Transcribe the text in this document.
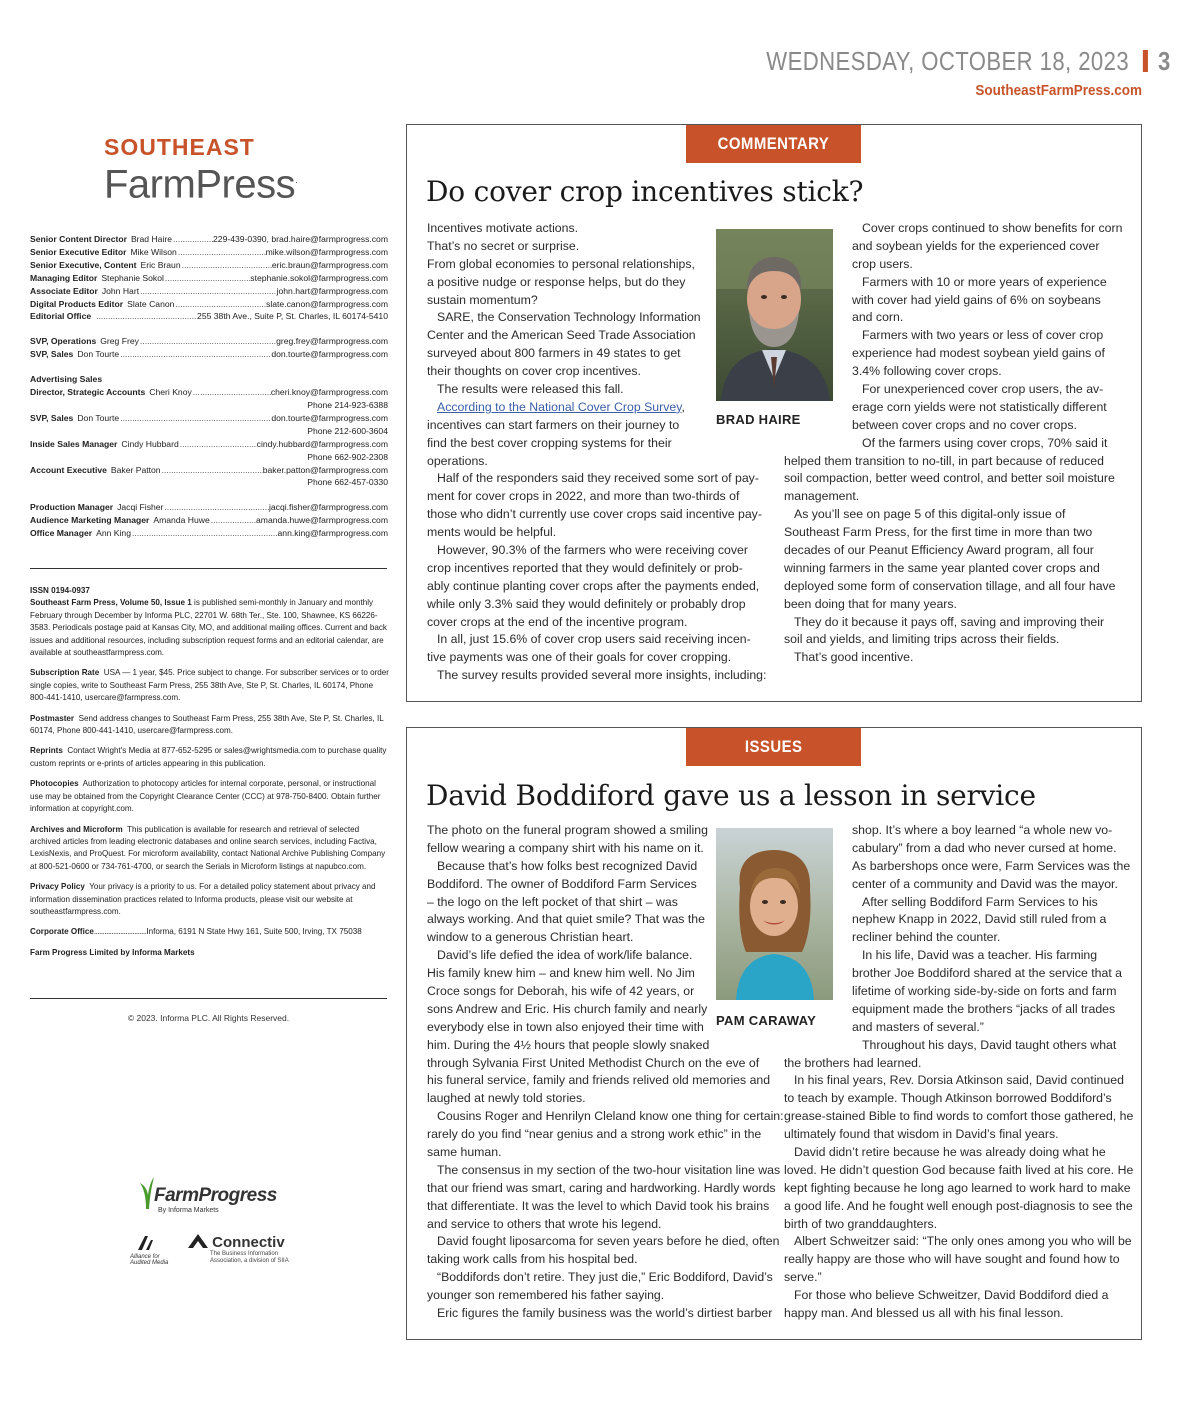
WEDNESDAY, OCTOBER 18, 2023 3
SoutheastFarmPress.com
SOUTHEAST
FarmPress.
Senior Content Director Brad Haire .....	229-439-0390, brad.haire@farmprogress.com
Senior Executive Editor Mike Wilson .....	mike.wilson@farmprogress.com
Senior Executive, Content Eric Braun .....	eric.braun@farmprogress.com
Managing Editor Stephanie Sokol .....	stephanie.sokol@farmprogress.com
Associate Editor John Hart .....	john.hart@farmprogress.com
Digital Products Editor Slate Canon .....	slate.canon@farmprogress.com
Editorial Office .....	255 38th Ave., Suite P, St. Charles, IL 60174-5410
SVP, Operations Greg Frey .....	greg.frey@farmprogress.com
SVP, Sales Don Tourte .....	don.tourte@farmprogress.com
Advertising Sales
Director, Strategic Accounts Cheri Knoy .....	cheri.knoy@farmprogress.com
Phone 214-923-6388
SVP, Sales Don Tourte .....	don.tourte@farmprogress.com
Phone 212-600-3604
Inside Sales Manager Cindy Hubbard .....	cindy.hubbard@farmprogress.com
Phone 662-902-2308
Account Executive Baker Patton .....	baker.patton@farmprogress.com
Phone 662-457-0330
Production Manager Jacqi Fisher .....	jacqi.fisher@farmprogress.com
Audience Marketing Manager Amanda Huwe .....	amanda.huwe@farmprogress.com
Office Manager Ann King .....	ann.king@farmprogress.com

ISSN 0194-0937

Southeast Farm Press, Volume 50, Issue 1 is published semi-monthly in January and monthly February through December by Informa PLC, 22701 W. 68th Ter., Ste. 100, Shawnee, KS 66226-3583. Periodicals postage paid at Kansas City, MO, and additional mailing offices. Current and back issues and additional resources, including subscription request forms and an editorial calendar, are available at southeastfarmpress.com.

Subscription Rate USA — 1 year, $45. Price subject to change. For subscriber services or to order single copies, write to Southeast Farm Press, 255 38th Ave, Ste P, St. Charles, IL 60174, Phone 800-441-1410, usercare@farmpress.com.

Postmaster Send address changes to Southeast Farm Press, 255 38th Ave, Ste P, St. Charles, IL 60174, Phone 800-441-1410, usercare@farmpress.com.

Reprints Contact Wright's Media at 877-652-5295 or sales@wrightsmedia.com to purchase quality custom reprints or e-prints of articles appearing in this publication.

Photocopies Authorization to photocopy articles for internal corporate, personal, or instructional use may be obtained from the Copyright Clearance Center (CCC) at 978-750-8400. Obtain further information at copyright.com.

Archives and Microform This publication is available for research and retrieval of selected archived articles from leading electronic databases and online search services, including Factiva, LexisNexis, and ProQuest. For microform availability, contact National Archive Publishing Company at 800-521-0600 or 734-761-4700, or search the Serials in Microform listings at napubco.com.

Privacy Policy Your privacy is a priority to us. For a detailed policy statement about privacy and information dissemination practices related to Informa products, please visit our website at southeastfarmpress.com.

Corporate Office..............................Informa, 6191 N State Hwy 161, Suite 500, Irving, TX 75038

Farm Progress Limited by Informa Markets

© 2023. Informa PLC. All Rights Reserved.
FarmProgress
By Informa Markets
Alliance for Audited Media
Connectiv
The Business Information
Association, a division of SIIA
COMMENTARY
Do cover crop incentives stick?
Incentives motivate actions.
That’s no secret or surprise.
From global economies to personal relationships,
a positive nudge or response helps, but do they
sustain momentum?
SARE, the Conservation Technology Information
Center and the American Seed Trade Association
surveyed about 800 farmers in 49 states to get
their thoughts on cover crop incentives.
The results were released this fall.
According to the National Cover Crop Survey,
incentives can start farmers on their journey to
find the best cover cropping systems for their
operations.
Half of the responders said they received some sort of pay-
ment for cover crops in 2022, and more than two-thirds of
those who didn’t currently use cover crops said incentive pay-
ments would be helpful.
However, 90.3% of the farmers who were receiving cover
crop incentives reported that they would definitely or prob-
ably continue planting cover crops after the payments ended,
while only 3.3% said they would definitely or probably drop
cover crops at the end of the incentive program.
In all, just 15.6% of cover crop users said receiving incen-
tive payments was one of their goals for cover cropping.
The survey results provided several more insights, including:
Cover crops continued to show benefits for corn
and soybean yields for the experienced cover
crop users.
Farmers with 10 or more years of experience
with cover had yield gains of 6% on soybeans
and corn.
Farmers with two years or less of cover crop
experience had modest soybean yield gains of
3.4% following cover crops.
For unexperienced cover crop users, the av-
erage corn yields were not statistically different
between cover crops and no cover crops.
Of the farmers using cover crops, 70% said it
helped them transition to no-till, in part because of reduced
soil compaction, better weed control, and better soil moisture
management.
As you’ll see on page 5 of this digital-only issue of
Southeast Farm Press, for the first time in more than two
decades of our Peanut Efficiency Award program, all four
winning farmers in the same year planted cover crops and
deployed some form of conservation tillage, and all four have
been doing that for many years.
They do it because it pays off, saving and improving their
soil and yields, and limiting trips across their fields.
That’s good incentive.
BRAD HAIRE
ISSUES
David Boddiford gave us a lesson in service
The photo on the funeral program showed a smiling
fellow wearing a company shirt with his name on it.
Because that’s how folks best recognized David
Boddiford. The owner of Boddiford Farm Services
– the logo on the left pocket of that shirt – was
always working. And that quiet smile? That was the
window to a generous Christian heart.
David’s life defied the idea of work/life balance.
His family knew him – and knew him well. No Jim
Croce songs for Deborah, his wife of 42 years, or
sons Andrew and Eric. His church family and nearly
everybody else in town also enjoyed their time with
him. During the 4½ hours that people slowly snaked
through Sylvania First United Methodist Church on the eve of
his funeral service, family and friends relived old memories and
laughed at newly told stories.
Cousins Roger and Henrilyn Cleland know one thing for certain:
rarely do you find “near genius and a strong work ethic” in the
same human.
The consensus in my section of the two-hour visitation line was
that our friend was smart, caring and hardworking. Hardly words
that differentiate. It was the level to which David took his brains
and service to others that wrote his legend.
David fought liposarcoma for seven years before he died, often
taking work calls from his hospital bed.
“Boddifords don’t retire. They just die,” Eric Boddiford, David’s
younger son remembered his father saying.
Eric figures the family business was the world’s dirtiest barber
shop. It’s where a boy learned “a whole new vo-
cabulary” from a dad who never cursed at home.
As barbershops once were, Farm Services was the
center of a community and David was the mayor.
After selling Boddiford Farm Services to his
nephew Knapp in 2022, David still ruled from a
recliner behind the counter.
In his life, David was a teacher. His farming
brother Joe Boddiford shared at the service that a
lifetime of working side-by-side on forts and farm
equipment made the brothers “jacks of all trades
and masters of several.”
Throughout his days, David taught others what
the brothers had learned.
In his final years, Rev. Dorsia Atkinson said, David continued
to teach by example. Though Atkinson borrowed Boddiford’s
grease-stained Bible to find words to comfort those gathered, he
ultimately found that wisdom in David’s final years.
David didn’t retire because he was already doing what he
loved. He didn’t question God because faith lived at his core. He
kept fighting because he long ago learned to work hard to make
a good life. And he fought well enough post-diagnosis to see the
birth of two granddaughters.
Albert Schweitzer said: “The only ones among you who will be
really happy are those who will have sought and found how to
serve.”
For those who believe Schweitzer, David Boddiford died a
happy man. And blessed us all with his final lesson.
PAM CARAWAY
